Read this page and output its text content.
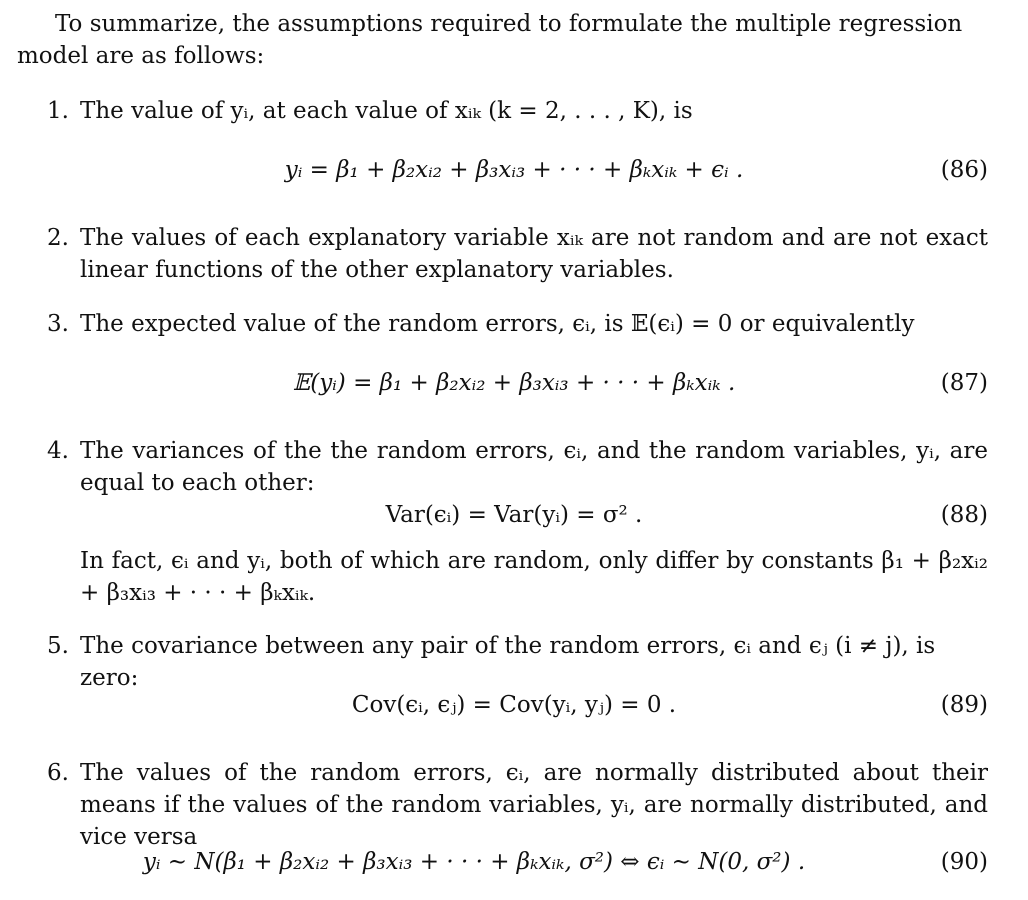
To summarize, the assumptions required to formulate the multiple regression model are as follows:
1. The value of yᵢ, at each value of xᵢₖ (k = 2, . . . , K), is
yᵢ = β₁ + β₂xᵢ₂ + β₃xᵢ₃ + · · · + βₖxᵢₖ + ϵᵢ .	(86)
2. The values of each explanatory variable xᵢₖ are not random and are not exact linear functions of the other explanatory variables.
3. The expected value of the random errors, ϵᵢ, is 𝔼(ϵᵢ) = 0 or equivalently
𝔼(yᵢ) = β₁ + β₂xᵢ₂ + β₃xᵢ₃ + · · · + βₖxᵢₖ .	(87)
4. The variances of the the random errors, ϵᵢ, and the random variables, yᵢ, are equal to each other:
Var(ϵᵢ) = Var(yᵢ) = σ² .	(88)
In fact, ϵᵢ and yᵢ, both of which are random, only differ by constants β₁ + β₂xᵢ₂ + β₃xᵢ₃ + · · · + βₖxᵢₖ.
5. The covariance between any pair of the random errors, ϵᵢ and ϵⱼ (i ≠ j), is zero:
Cov(ϵᵢ, ϵⱼ) = Cov(yᵢ, yⱼ) = 0 .	(89)
6. The values of the random errors, ϵᵢ, are normally distributed about their means if the values of the random variables, yᵢ, are normally distributed, and vice versa
yᵢ ∼ N(β₁ + β₂xᵢ₂ + β₃xᵢ₃ + · · · + βₖxᵢₖ, σ²) ⇔ ϵᵢ ∼ N(0, σ²) .	(90)
